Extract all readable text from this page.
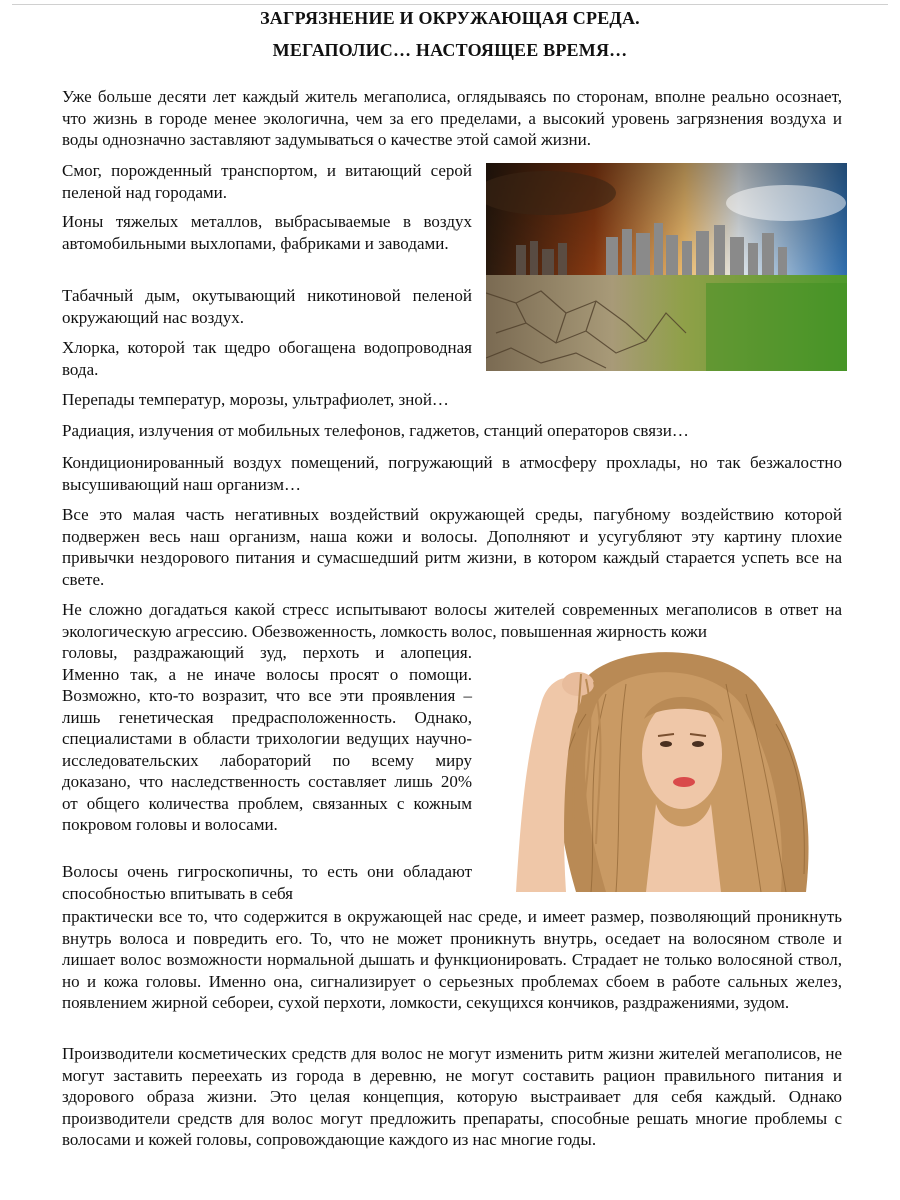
ЗАГРЯЗНЕНИЕ И ОКРУЖАЮЩАЯ СРЕДА.
МЕГАПОЛИС… НАСТОЯЩЕЕ ВРЕМЯ…

Уже больше десяти лет каждый житель мегаполиса, оглядываясь по сторонам, вполне реально осознает, что жизнь в городе менее экологична, чем за его пределами, а высокий уровень загрязнения воздуха и воды однозначно заставляют задумываться о качестве этой самой жизни.

Смог, порожденный транспортом, и витающий серой пеленой над городами.

Ионы тяжелых металлов, выбрасываемые в воздух автомобильными выхлопами, фабриками и заводами.

Табачный дым, окутывающий никотиновой пеленой окружающий нас воздух.

Хлорка, которой так щедро обогащена водопроводная вода.

Перепады температур, морозы, ультрафиолет, зной…

Радиация, излучения от мобильных телефонов, гаджетов, станций операторов связи…

Кондиционированный воздух помещений, погружающий в атмосферу прохлады, но так безжалостно высушивающий наш организм…

Все это малая часть негативных воздействий окружающей среды, пагубному воздействию которой подвержен весь наш организм, наша кожи и волосы. Дополняют и усугубляют эту картину плохие привычки нездорового питания и сумасшедший ритм жизни, в котором каждый старается успеть все на свете.

Не сложно догадаться какой стресс испытывают волосы жителей современных мегаполисов в ответ на экологическую агрессию. Обезвоженность, ломкость волос, повышенная жирность кожи

головы, раздражающий зуд, перхоть и алопеция. Именно так, а не иначе волосы просят о помощи. Возможно, кто-то возразит, что все эти проявления – лишь генетическая предрасположенность. Однако, специалистами в области трихологии ведущих научно-исследовательских лабораторий по всему миру доказано, что наследственность составляет лишь 20% от общего количества проблем, связанных с кожным покровом головы и волосами.

Волосы очень гигроскопичны, то есть они обладают способностью впитывать в себя

практически все то, что содержится в окружающей нас среде, и имеет размер, позволяющий проникнуть внутрь волоса и повредить его. То, что не может проникнуть внутрь, оседает на волосяном стволе и лишает волос возможности нормальной дышать и функционировать. Страдает не только волосяной ствол, но и кожа головы. Именно она, сигнализирует о серьезных проблемах сбоем в работе сальных желез, появлением жирной себореи, сухой перхоти, ломкости, секущихся кончиков, раздражениями, зудом.

Производители косметических средств для волос не могут изменить ритм жизни жителей мегаполисов, не могут заставить переехать из города в деревню, не могут составить рацион правильного питания и здорового образа жизни. Это целая концепция, которую выстраивает для себя каждый. Однако производители средств для волос могут предложить препараты, способные решать многие проблемы с волосами и кожей головы, сопровождающие каждого из нас многие годы.
